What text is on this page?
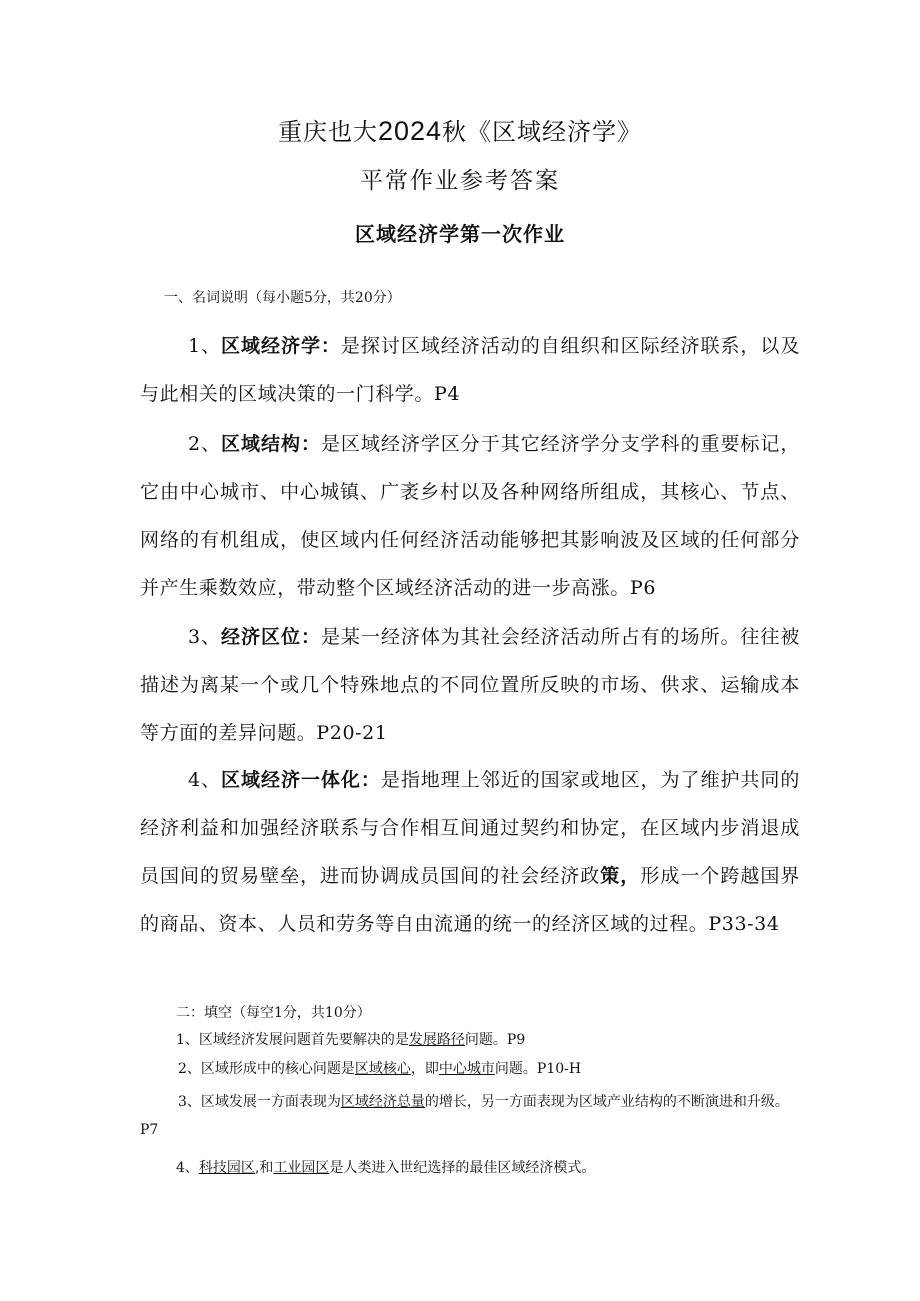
重庆也大2024秋《区域经济学》
平常作业参考答案
区域经济学第一次作业
一、名词说明（每小题5分，共20分）
1、区域经济学：是探讨区域经济活动的自组织和区际经济联系，以及与此相关的区域决策的一门科学。P4
2、区域结构：是区域经济学区分于其它经济学分支学科的重要标记，它由中心城市、中心城镇、广袤乡村以及各种网络所组成，其核心、节点、网络的有机组成，使区域内任何经济活动能够把其影响波及区域的任何部分并产生乘数效应，带动整个区域经济活动的进一步高涨。P6
3、经济区位：是某一经济体为其社会经济活动所占有的场所。往往被描述为离某一个或几个特殊地点的不同位置所反映的市场、供求、运输成本等方面的差异问题。P20-21
4、区域经济一体化：是指地理上邻近的国家或地区，为了维护共同的经济利益和加强经济联系与合作相互间通过契约和协定，在区域内步消退成员国间的贸易壁垒，进而协调成员国间的社会经济政策，形成一个跨越国界的商品、资本、人员和劳务等自由流通的统一的经济区域的过程。P33-34
二：填空（每空1分，共10分）
1、区域经济发展问题首先要解决的是发展路径问题。P9
2、区域形成中的核心问题是区域核心，即中心城市问题。P10-H
3、区域发展一方面表现为区域经济总量的增长，另一方面表现为区域产业结构的不断演进和升级。P7
4、科技园区,和工业园区是人类进入世纪选择的最佳区域经济模式。
